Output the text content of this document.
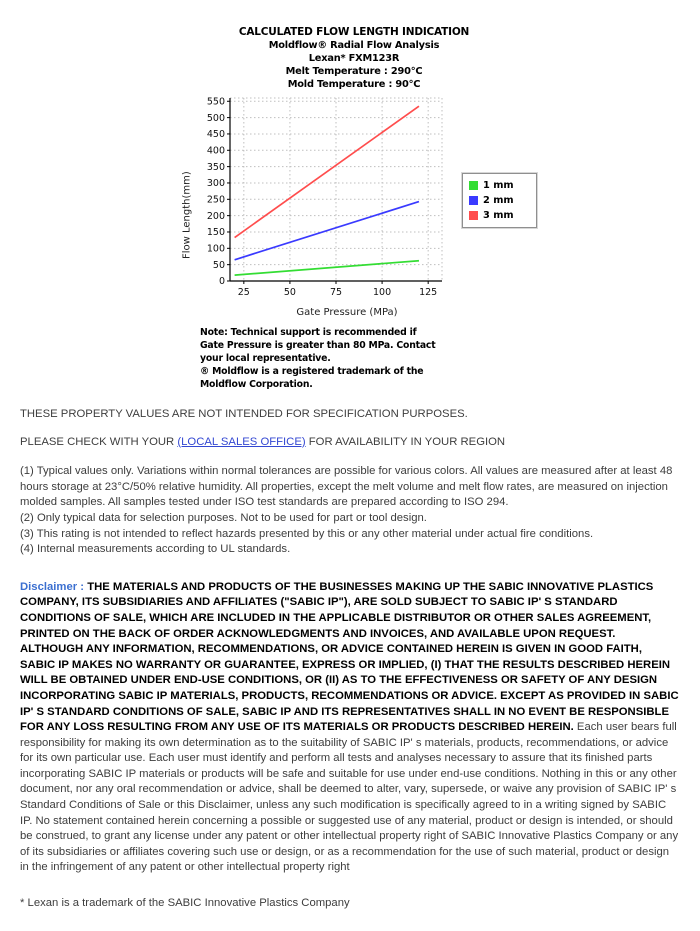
CALCULATED FLOW LENGTH INDICATION
Moldflow® Radial Flow Analysis
Lexan* FXM123R
Melt Temperature : 290°C
Mold Temperature : 90°C
Flow Length(mm)
0
50
100
150
200
250
300
350
400
450
500
550
25	50	75	100	125
1 mm
2 mm
3 mm
Gate Pressure (MPa)
Note: Technical support is recommended if Gate Pressure is greater than 80 MPa. Contact your local representative.
® Moldflow is a registered trademark of the Moldflow Corporation.

THESE PROPERTY VALUES ARE NOT INTENDED FOR SPECIFICATION PURPOSES.

PLEASE CHECK WITH YOUR (LOCAL SALES OFFICE) FOR AVAILABILITY IN YOUR REGION

(1) Typical values only. Variations within normal tolerances are possible for various colors. All values are measured after at least 48 hours storage at 23°C/50% relative humidity. All properties, except the melt volume and melt flow rates, are measured on injection molded samples. All samples tested under ISO test standards are prepared according to ISO 294.
(2) Only typical data for selection purposes. Not to be used for part or tool design.
(3) This rating is not intended to reflect hazards presented by this or any other material under actual fire conditions.
(4) Internal measurements according to UL standards.

Disclaimer : THE MATERIALS AND PRODUCTS OF THE BUSINESSES MAKING UP THE SABIC INNOVATIVE PLASTICS COMPANY, ITS SUBSIDIARIES AND AFFILIATES ("SABIC IP"), ARE SOLD SUBJECT TO SABIC IP' S STANDARD CONDITIONS OF SALE, WHICH ARE INCLUDED IN THE APPLICABLE DISTRIBUTOR OR OTHER SALES AGREEMENT, PRINTED ON THE BACK OF ORDER ACKNOWLEDGMENTS AND INVOICES, AND AVAILABLE UPON REQUEST. ALTHOUGH ANY INFORMATION, RECOMMENDATIONS, OR ADVICE CONTAINED HEREIN IS GIVEN IN GOOD FAITH, SABIC IP MAKES NO WARRANTY OR GUARANTEE, EXPRESS OR IMPLIED, (I) THAT THE RESULTS DESCRIBED HEREIN WILL BE OBTAINED UNDER END-USE CONDITIONS, OR (II) AS TO THE EFFECTIVENESS OR SAFETY OF ANY DESIGN INCORPORATING SABIC IP MATERIALS, PRODUCTS, RECOMMENDATIONS OR ADVICE. EXCEPT AS PROVIDED IN SABIC IP' S STANDARD CONDITIONS OF SALE, SABIC IP AND ITS REPRESENTATIVES SHALL IN NO EVENT BE RESPONSIBLE FOR ANY LOSS RESULTING FROM ANY USE OF ITS MATERIALS OR PRODUCTS DESCRIBED HEREIN. Each user bears full responsibility for making its own determination as to the suitability of SABIC IP' s materials, products, recommendations, or advice for its own particular use. Each user must identify and perform all tests and analyses necessary to assure that its finished parts incorporating SABIC IP materials or products will be safe and suitable for use under end-use conditions. Nothing in this or any other document, nor any oral recommendation or advice, shall be deemed to alter, vary, supersede, or waive any provision of SABIC IP' s Standard Conditions of Sale or this Disclaimer, unless any such modification is specifically agreed to in a writing signed by SABIC IP. No statement contained herein concerning a possible or suggested use of any material, product or design is intended, or should be construed, to grant any license under any patent or other intellectual property right of SABIC Innovative Plastics Company or any of its subsidiaries or affiliates covering such use or design, or as a recommendation for the use of such material, product or design in the infringement of any patent or other intellectual property right

* Lexan is a trademark of the SABIC Innovative Plastics Company
